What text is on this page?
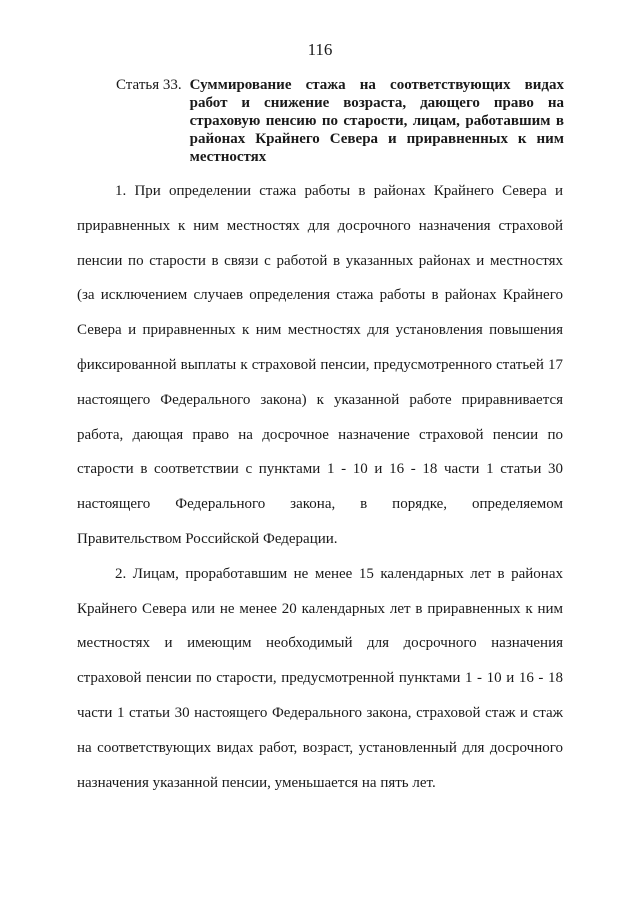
116
Статья 33. Суммирование стажа на соответствующих видах работ и снижение возраста, дающего право на страховую пенсию по старости, лицам, работавшим в районах Крайнего Севера и приравненных к ним местностях

1. При определении стажа работы в районах Крайнего Севера и приравненных к ним местностях для досрочного назначения страховой пенсии по старости в связи с работой в указанных районах и местностях (за исключением случаев определения стажа работы в районах Крайнего Севера и приравненных к ним местностях для установления повышения фиксированной выплаты к страховой пенсии, предусмотренного статьей 17 настоящего Федерального закона) к указанной работе приравнивается работа, дающая право на досрочное назначение страховой пенсии по старости в соответствии с пунктами 1 - 10 и 16 - 18 части 1 статьи 30 настоящего Федерального закона, в порядке, определяемом Правительством Российской Федерации.

2. Лицам, проработавшим не менее 15 календарных лет в районах Крайнего Севера или не менее 20 календарных лет в приравненных к ним местностях и имеющим необходимый для досрочного назначения страховой пенсии по старости, предусмотренной пунктами 1 - 10 и 16 - 18 части 1 статьи 30 настоящего Федерального закона, страховой стаж и стаж на соответствующих видах работ, возраст, установленный для досрочного назначения указанной пенсии, уменьшается на пять лет.
